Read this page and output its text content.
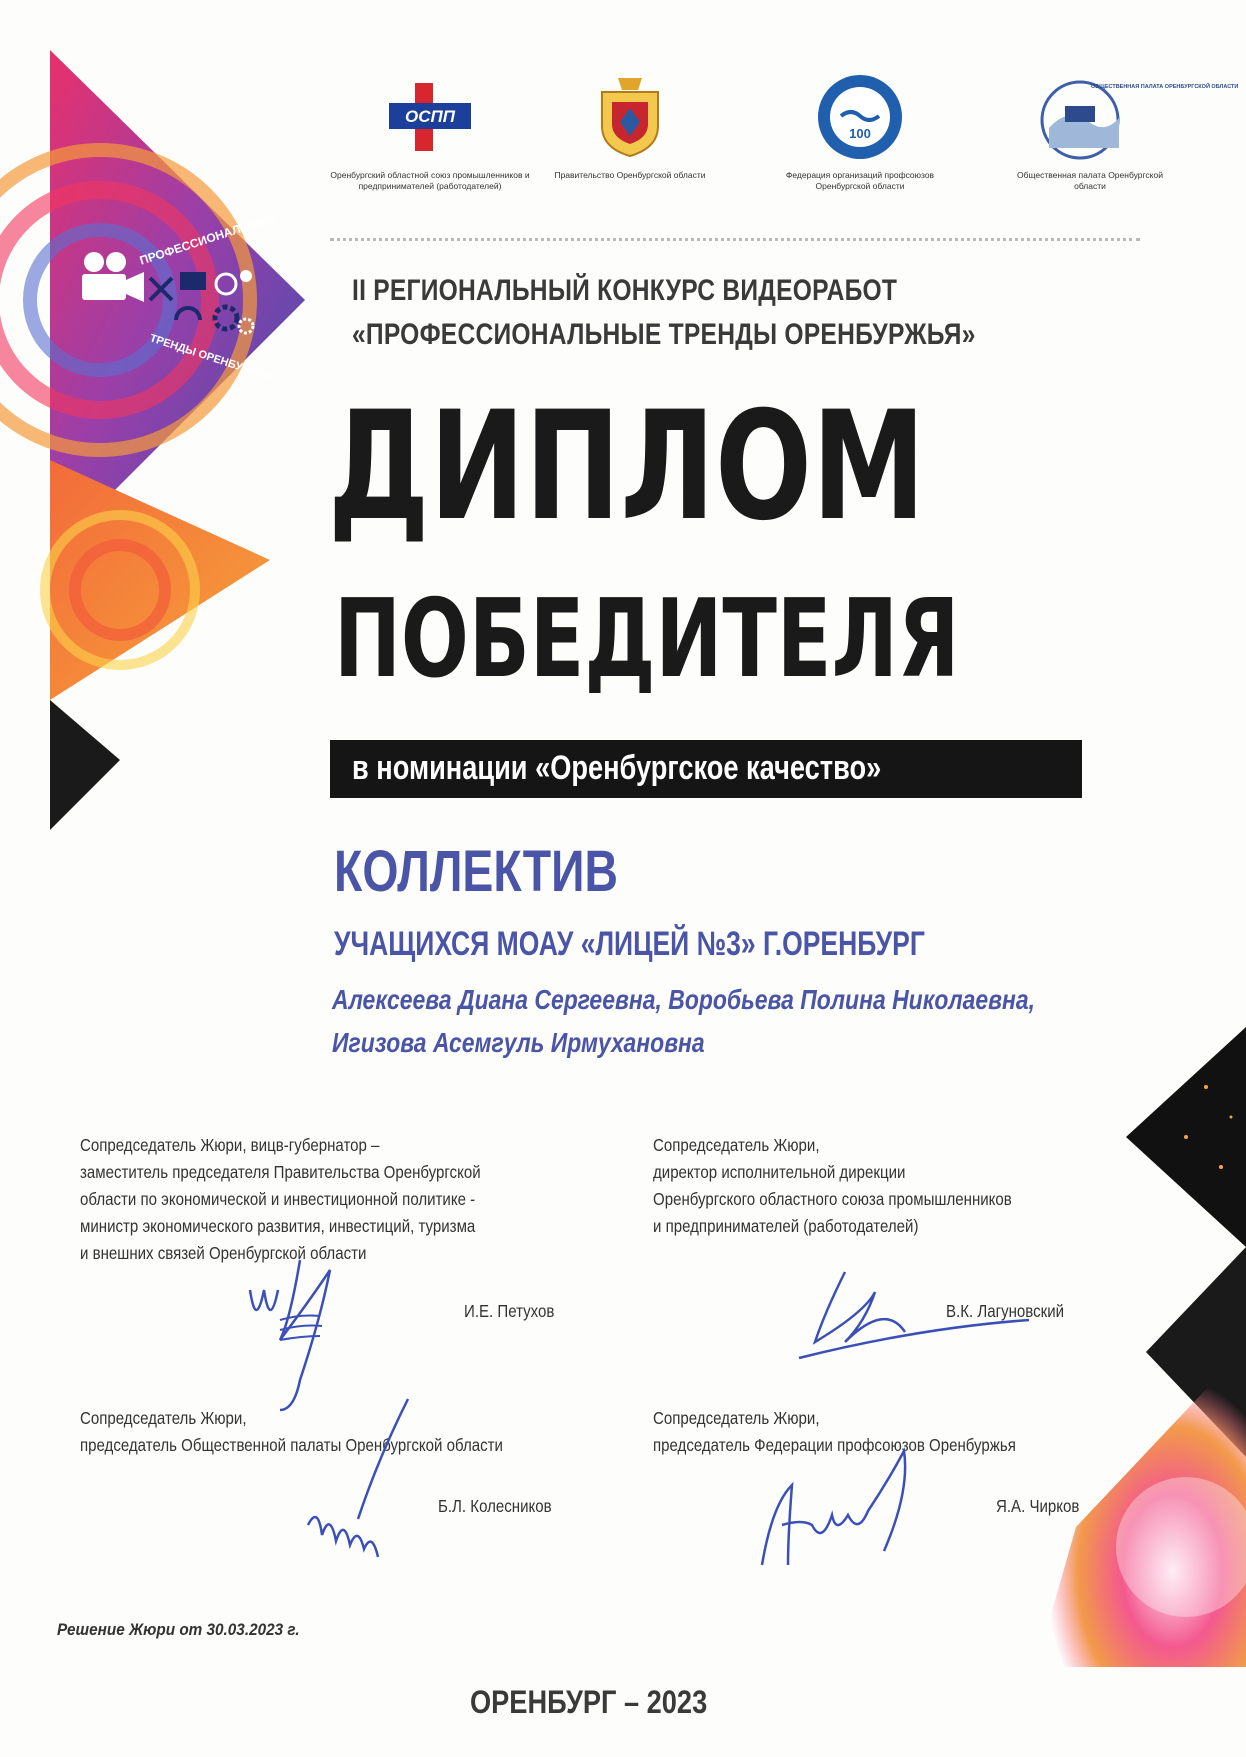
ПРОФЕССИОНАЛЬНЫЕ
ТРЕНДЫ ОРЕНБУРЖЬЯ
ОСПП
Оренбургский областной союз промышленников и предпринимателей (работодателей)
Правительство Оренбургской области
100
Федерация организаций профсоюзов Оренбургской области
ОБЩЕСТВЕННАЯ ПАЛАТА ОРЕНБУРГСКОЙ ОБЛАСТИ
Общественная палата Оренбургской области
II РЕГИОНАЛЬНЫЙ КОНКУРС ВИДЕОРАБОТ
«ПРОФЕССИОНАЛЬНЫЕ ТРЕНДЫ ОРЕНБУРЖЬЯ»
ДИПЛОМ
ПОБЕДИТЕЛЯ
в номинации «Оренбургское качество»
КОЛЛЕКТИВ
УЧАЩИХСЯ МОАУ «ЛИЦЕЙ №3» Г.ОРЕНБУРГ
Алексеева Диана Сергеевна, Воробьева Полина Николаевна,
Игизова Асемгуль Ирмухановна
Сопредседатель Жюри, вицв-губернатор –
заместитель председателя Правительства Оренбургской
области по экономической и инвестиционной политике -
министр экономического развития, инвестиций, туризма
и внешних связей Оренбургской области
И.Е. Петухов
Сопредседатель Жюри,
директор исполнительной дирекции
Оренбургского областного союза промышленников
и предпринимателей (работодателей)
В.К. Лагуновский
Сопредседатель Жюри,
председатель Общественной палаты Оренбургской области
Б.Л. Колесников
Сопредседатель Жюри,
председатель Федерации профсоюзов Оренбуржья
Я.А. Чирков
Решение Жюри от 30.03.2023 г.
ОРЕНБУРГ – 2023
